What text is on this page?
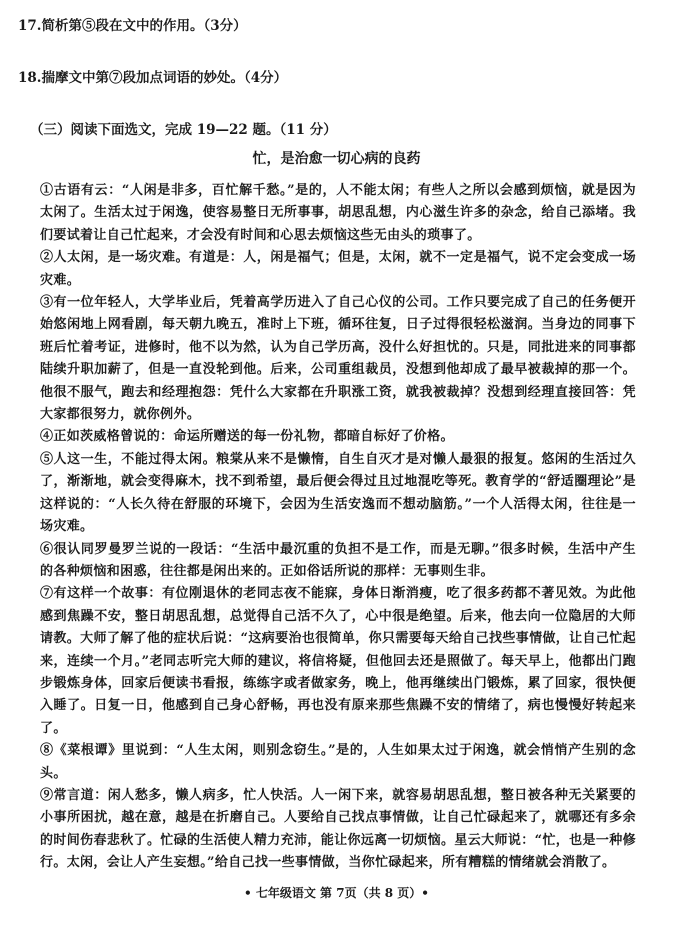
17.简析第⑤段在文中的作用。（3分）
18.揣摩文中第⑦段加点词语的妙处。（4分）
（三）阅读下面选文，完成 19—22 题。（11 分）
忙，是治愈一切心病的良药

①古语有云：“人闲是非多，百忙解千愁。”是的，人不能太闲；有些人之所以会感到烦恼，就是因为太闲了。生活太过于闲逸，使容易整日无所事事，胡思乱想，内心滋生许多的杂念，给自己添堵。我们要试着让自己忙起来，才会没有时间和心思去烦恼这些无由头的琐事了。

②人太闲，是一场灾难。有道是：人，闲是福气；但是，太闲，就不一定是福气，说不定会变成一场灾难。

③有一位年轻人，大学毕业后，凭着高学历进入了自己心仪的公司。工作只要完成了自己的任务便开始悠闲地上网看剧，每天朝九晚五，准时上下班，循环往复，日子过得很轻松滋润。当身边的同事下班后忙着考证，进修时，他不以为然，认为自己学历高，没什么好担忧的。只是，同批进来的同事都陆续升职加薪了，但是一直没轮到他。后来，公司重组裁员，没想到他却成了最早被裁掉的那一个。他很不服气，跑去和经理抱怨：凭什么大家都在升职涨工资，就我被裁掉？没想到经理直接回答：凭大家都很努力，就你例外。

④正如茨威格曾说的：命运所赠送的每一份礼物，都暗自标好了价格。

⑤人这一生，不能过得太闲。粮棠从来不是懒惰，自生自灭才是对懒人最狠的报复。悠闲的生活过久了，渐渐地，就会变得麻木，找不到希望，最后便会得过且过地混吃等死。教育学的“舒适圈理论”是这样说的：“人长久待在舒服的环境下，会因为生活安逸而不想动脑筋。”一个人活得太闲，往往是一场灾难。

⑥很认同罗曼罗兰说的一段话：“生活中最沉重的负担不是工作，而是无聊。”很多时候，生活中产生的各种烦恼和困惑，往往都是闲出来的。正如俗话所说的那样：无事则生非。

⑦有这样一个故事：有位刚退休的老同志夜不能寐，身体日渐消瘦，吃了很多药都不著见效。为此他感到焦躁不安，整日胡思乱想，总觉得自己活不久了，心中很是绝望。后来，他去向一位隐居的大师请教。大师了解了他的症状后说：“这病要治也很简单，你只需要每天给自己找些事情做，让自己忙起来，连续一个月。”老同志听完大师的建议，将信将疑，但他回去还是照做了。每天早上，他都出门跑步锻炼身体，回家后便读书看报，练练字或者做家务，晚上，他再继续出门锻炼，累了回家，很快便入睡了。日复一日，他感到自己身心舒畅，再也没有原来那些焦躁不安的情绪了，病也慢慢好转起来了。

⑧《菜根谭》里说到：“人生太闲，则别念窃生。”是的，人生如果太过于闲逸，就会悄悄产生别的念头。

⑨常言道：闲人愁多，懒人病多，忙人快活。人一闲下来，就容易胡思乱想，整日被各种无关紧要的小事所困扰，越在意，越是在折磨自己。人要给自己找点事情做，让自己忙碌起来了，就哪还有多余的时间伤春悲秋了。忙碌的生活使人精力充沛，能让你远离一切烦恼。星云大师说：“忙，也是一种修行。太闲，会让人产生妄想。”给自己找一些事情做，当你忙碌起来，所有糟糕的情绪就会消散了。

• 七年级语文 第 7页（共 8 页）•
